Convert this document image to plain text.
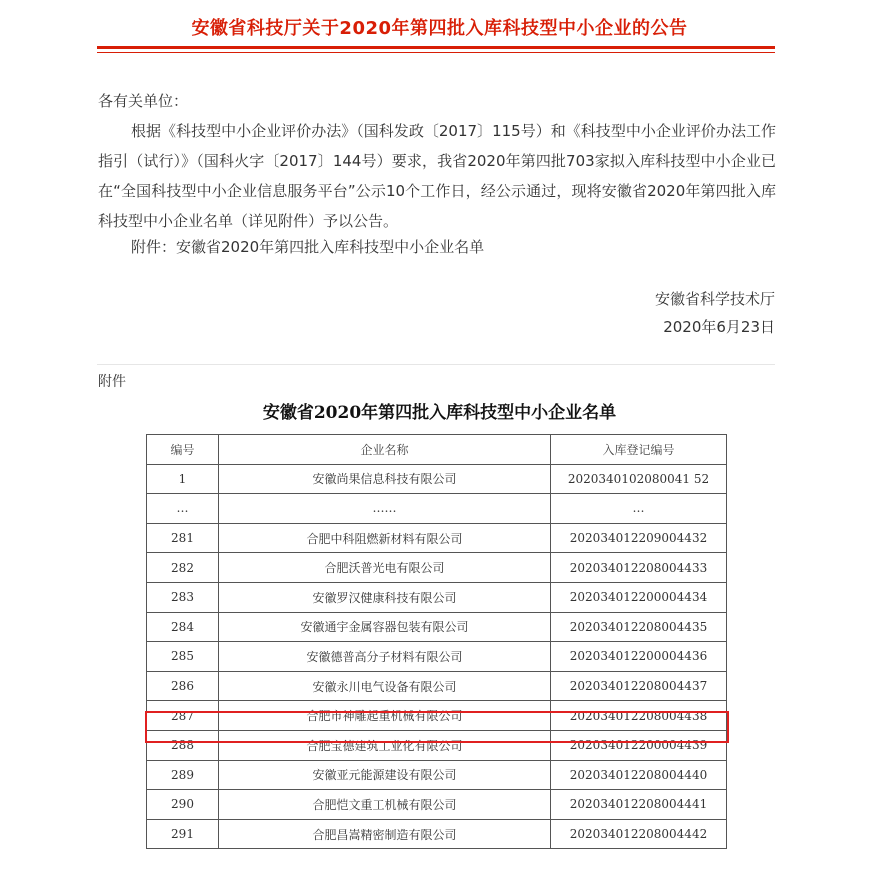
安徽省科技厅关于2020年第四批入库科技型中小企业的公告
各有关单位：
根据《科技型中小企业评价办法》（国科发政〔2017〕115号）和《科技型中小企业评价办法工作指引（试行）》（国科火字〔2017〕144号）要求，我省2020年第四批703家拟入库科技型中小企业已在“全国科技型中小企业信息服务平台”公示10个工作日，经公示通过，现将安徽省2020年第四批入库科技型中小企业名单（详见附件）予以公告。
附件：安徽省2020年第四批入库科技型中小企业名单
安徽省科学技术厅
2020年6月23日
附件
安徽省2020年第四批入库科技型中小企业名单
编号	企业名称	入库登记编号
1	安徽尚果信息科技有限公司	2020340102080041 52
…	……	…
281	合肥中科阻燃新材料有限公司	202034012209004432
282	合肥沃普光电有限公司	202034012208004433
283	安徽罗汉健康科技有限公司	202034012200004434
284	安徽通宇金属容器包装有限公司	202034012208004435
285	安徽德普高分子材料有限公司	202034012200004436
286	安徽永川电气设备有限公司	202034012208004437
287	合肥市神雕起重机械有限公司	202034012208004438
288	合肥宝德建筑工业化有限公司	202034012200004439
289	安徽亚元能源建设有限公司	202034012208004440
290	合肥恺文重工机械有限公司	202034012208004441
291	合肥昌嵩精密制造有限公司	202034012208004442
